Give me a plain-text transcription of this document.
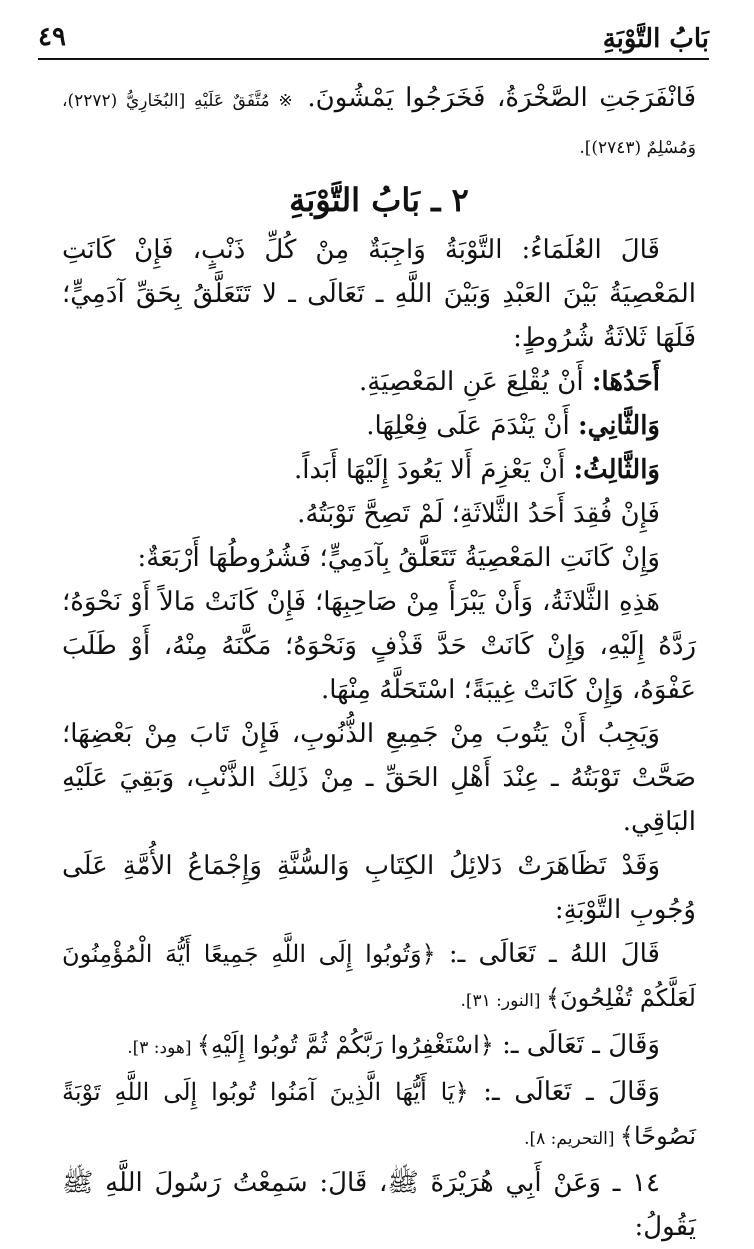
بَابُ التَّوْبَةِ
٤٩

فَانْفَرَجَتِ الصَّخْرَةُ، فَخَرَجُوا يَمْشُونَ. ※ مُتَّفَقٌ عَلَيْهِ [البُخَارِيُّ (٢٢٧٢)، وَمُسْلِمٌ (٢٧٤٣)].

٢ ـ بَابُ التَّوْبَةِ

قَالَ العُلَمَاءُ: التَّوْبَةُ وَاجِبَةٌ مِنْ كُلِّ ذَنْبٍ، فَإِنْ كَانَتِ المَعْصِيَةُ بَيْنَ العَبْدِ وَبَيْنَ اللَّهِ ـ تَعَالَى ـ لا تَتَعَلَّقُ بِحَقِّ آدَمِيٍّ؛ فَلَهَا ثَلاثَةُ شُرُوطٍ:

أَحَدُهَا: أَنْ يُقْلِعَ عَنِ المَعْصِيَةِ.

وَالثَّانِي: أَنْ يَنْدَمَ عَلَى فِعْلِهَا.

وَالثَّالِثُ: أَنْ يَعْزِمَ أَلا يَعُودَ إِلَيْهَا أَبَداً.

فَإِنْ فُقِدَ أَحَدُ الثَّلاثَةِ؛ لَمْ تَصِحَّ تَوْبَتُهُ.

وَإِنْ كَانَتِ المَعْصِيَةُ تَتَعَلَّقُ بِآدَمِيٍّ؛ فَشُرُوطُهَا أَرْبَعَةٌ:

هَذِهِ الثَّلاثَةُ، وَأَنْ يَبْرَأَ مِنْ صَاحِبِهَا؛ فَإِنْ كَانَتْ مَالاً أَوْ نَحْوَهُ؛ رَدَّهُ إِلَيْهِ، وَإِنْ كَانَتْ حَدَّ قَذْفٍ وَنَحْوَهُ؛ مَكَّنَهُ مِنْهُ، أَوْ طَلَبَ عَفْوَهُ، وَإِنْ كَانَتْ غِيبَةً؛ اسْتَحَلَّهُ مِنْهَا.

وَيَجِبُ أَنْ يَتُوبَ مِنْ جَمِيعِ الذُّنُوبِ، فَإِنْ تَابَ مِنْ بَعْضِهَا؛ صَحَّتْ تَوْبَتُهُ ـ عِنْدَ أَهْلِ الحَقِّ ـ مِنْ ذَلِكَ الذَّنْبِ، وَبَقِيَ عَلَيْهِ البَاقِي.

وَقَدْ تَظَاهَرَتْ دَلائِلُ الكِتَابِ وَالسُّنَّةِ وَإِجْمَاعُ الأُمَّةِ عَلَى وُجُوبِ التَّوْبَةِ:

قَالَ اللهُ ـ تَعَالَى ـ: ﴿وَتُوبُوا إِلَى اللَّهِ جَمِيعًا أَيُّهَ الْمُؤْمِنُونَ لَعَلَّكُمْ تُفْلِحُونَ﴾ [النور: ٣١].

وَقَالَ ـ تَعَالَى ـ: ﴿اسْتَغْفِرُوا رَبَّكُمْ ثُمَّ تُوبُوا إِلَيْهِ﴾ [هود: ٣].

وَقَالَ ـ تَعَالَى ـ: ﴿يَا أَيُّهَا الَّذِينَ آمَنُوا تُوبُوا إِلَى اللَّهِ تَوْبَةً نَصُوحًا﴾ [التحريم: ٨].

١٤ ـ وَعَنْ أَبِي هُرَيْرَةَ ﷺ، قَالَ: سَمِعْتُ رَسُولَ اللَّهِ ﷺ يَقُولُ:
